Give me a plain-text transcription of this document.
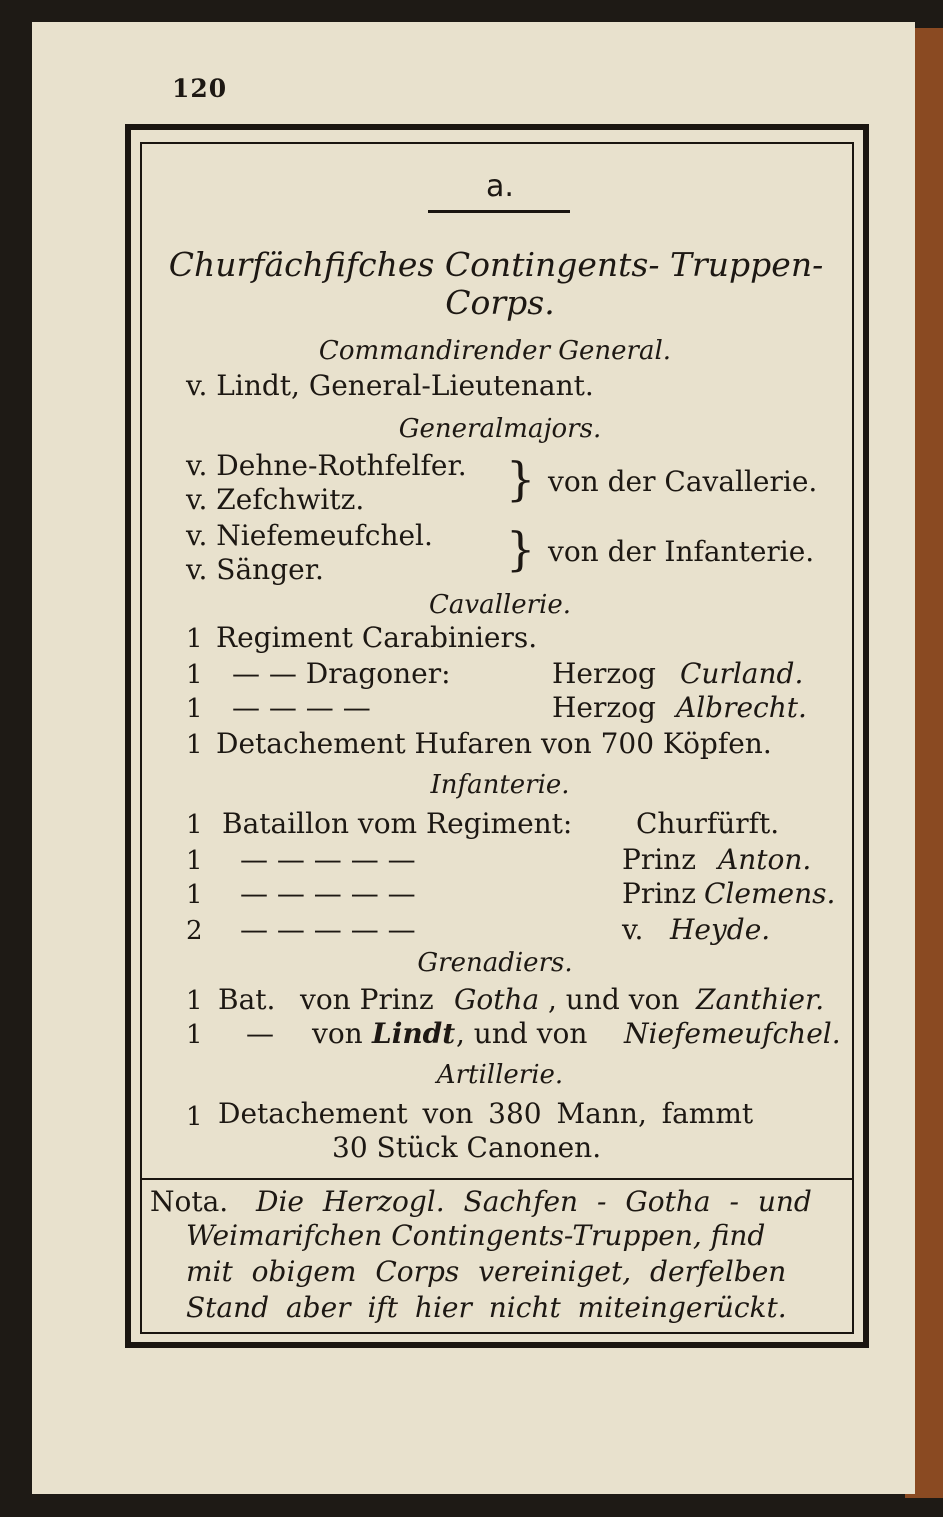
120
a.
Churfächfifches Contingents- Truppen-
Corps.
Commandirender General.
v. Lindt, General-Lieutenant.
Generalmajors.
v. Dehne-Rothfelfer.
v. Zefchwitz.	} von der Cavallerie.
v. Niefemeufchel.
v. Sänger.	} von der Infanterie.
Cavallerie.
1 Regiment Carabiniers.
1 — — Dragoner:	Herzog Curland.
1 — — — —	Herzog Albrecht.
1 Detachement Hufaren von 700 Köpfen.
Infanterie.
1 Bataillon vom Regiment: Churfürft.
1 — — — — —	Prinz Anton.
1 — — — — —	Prinz Clemens.
2 — — — — —	v. Heyde.
Grenadiers.
1 Bat. von Prinz Gotha , und von Zanthier.
1 — von Lindt , und von Niefemeufchel.
Artillerie.
1 Detachement von 380 Mann, fammt
30 Stück Canonen.
Nota. Die Herzogl. Sachfen - Gotha - und
Weimarifchen Contingents-Truppen, find
mit obigem Corps vereiniget, derfelben
Stand aber ift hier nicht miteingerückt.
